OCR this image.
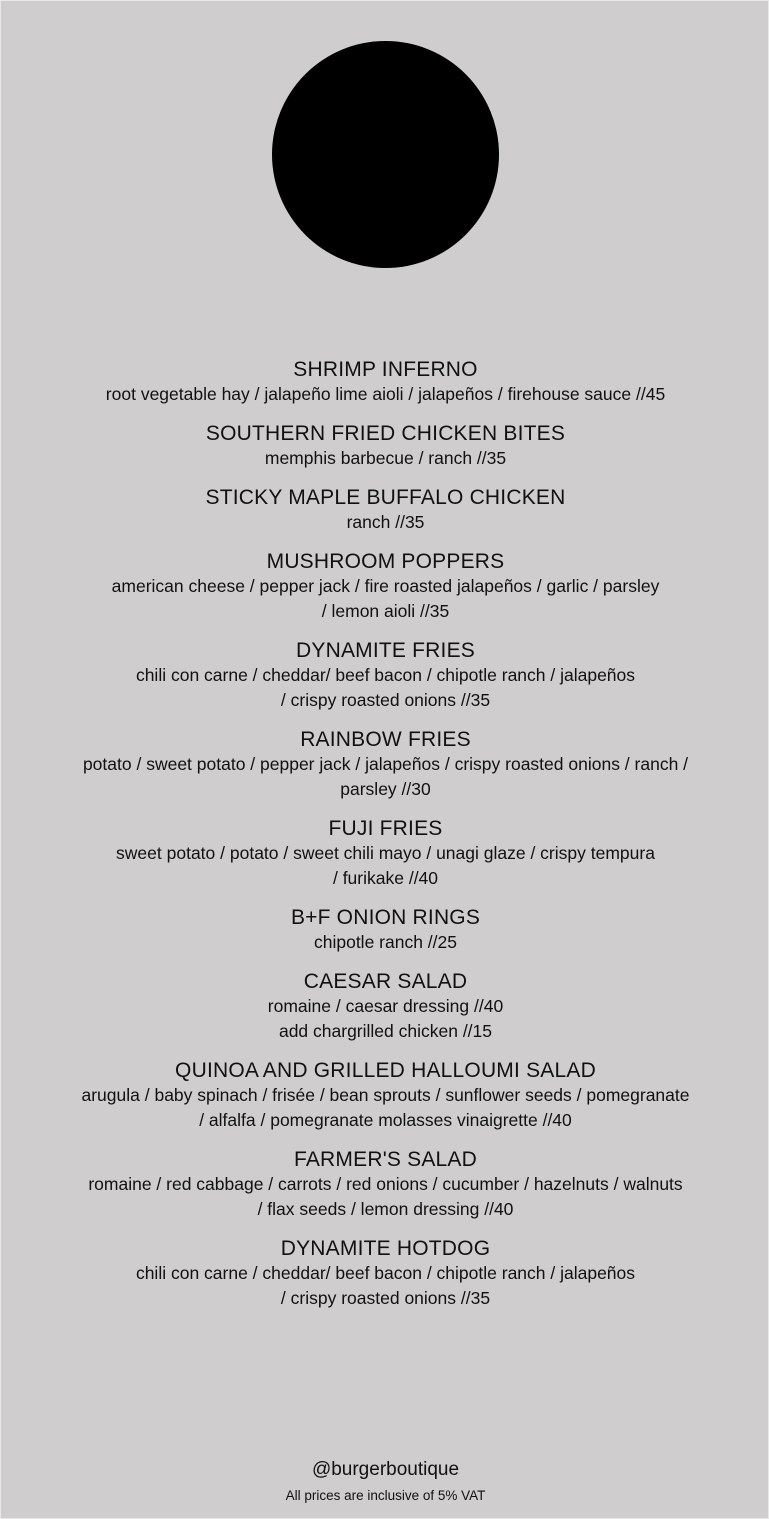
SHRIMP INFERNO
root vegetable hay / jalapeño lime aioli / jalapeños / firehouse sauce //45
SOUTHERN FRIED CHICKEN BITES
memphis barbecue / ranch //35
STICKY MAPLE BUFFALO CHICKEN
ranch //35
MUSHROOM POPPERS
american cheese / pepper jack / fire roasted jalapeños / garlic / parsley
/ lemon aioli //35
DYNAMITE FRIES
chili con carne / cheddar/ beef bacon / chipotle ranch / jalapeños
/ crispy roasted onions //35
RAINBOW FRIES
potato / sweet potato / pepper jack / jalapeños / crispy roasted onions / ranch /
parsley //30
FUJI FRIES
sweet potato / potato / sweet chili mayo / unagi glaze / crispy tempura
/ furikake //40
B+F ONION RINGS
chipotle ranch //25
CAESAR SALAD
romaine / caesar dressing //40
add chargrilled chicken //15
QUINOA AND GRILLED HALLOUMI SALAD
arugula / baby spinach / frisée / bean sprouts / sunflower seeds / pomegranate
/ alfalfa / pomegranate molasses vinaigrette //40
FARMER'S SALAD
romaine / red cabbage / carrots / red onions / cucumber / hazelnuts / walnuts
/ flax seeds / lemon dressing //40
DYNAMITE HOTDOG
chili con carne / cheddar/ beef bacon / chipotle ranch / jalapeños
/ crispy roasted onions //35
@burgerboutique
All prices are inclusive of 5% VAT
